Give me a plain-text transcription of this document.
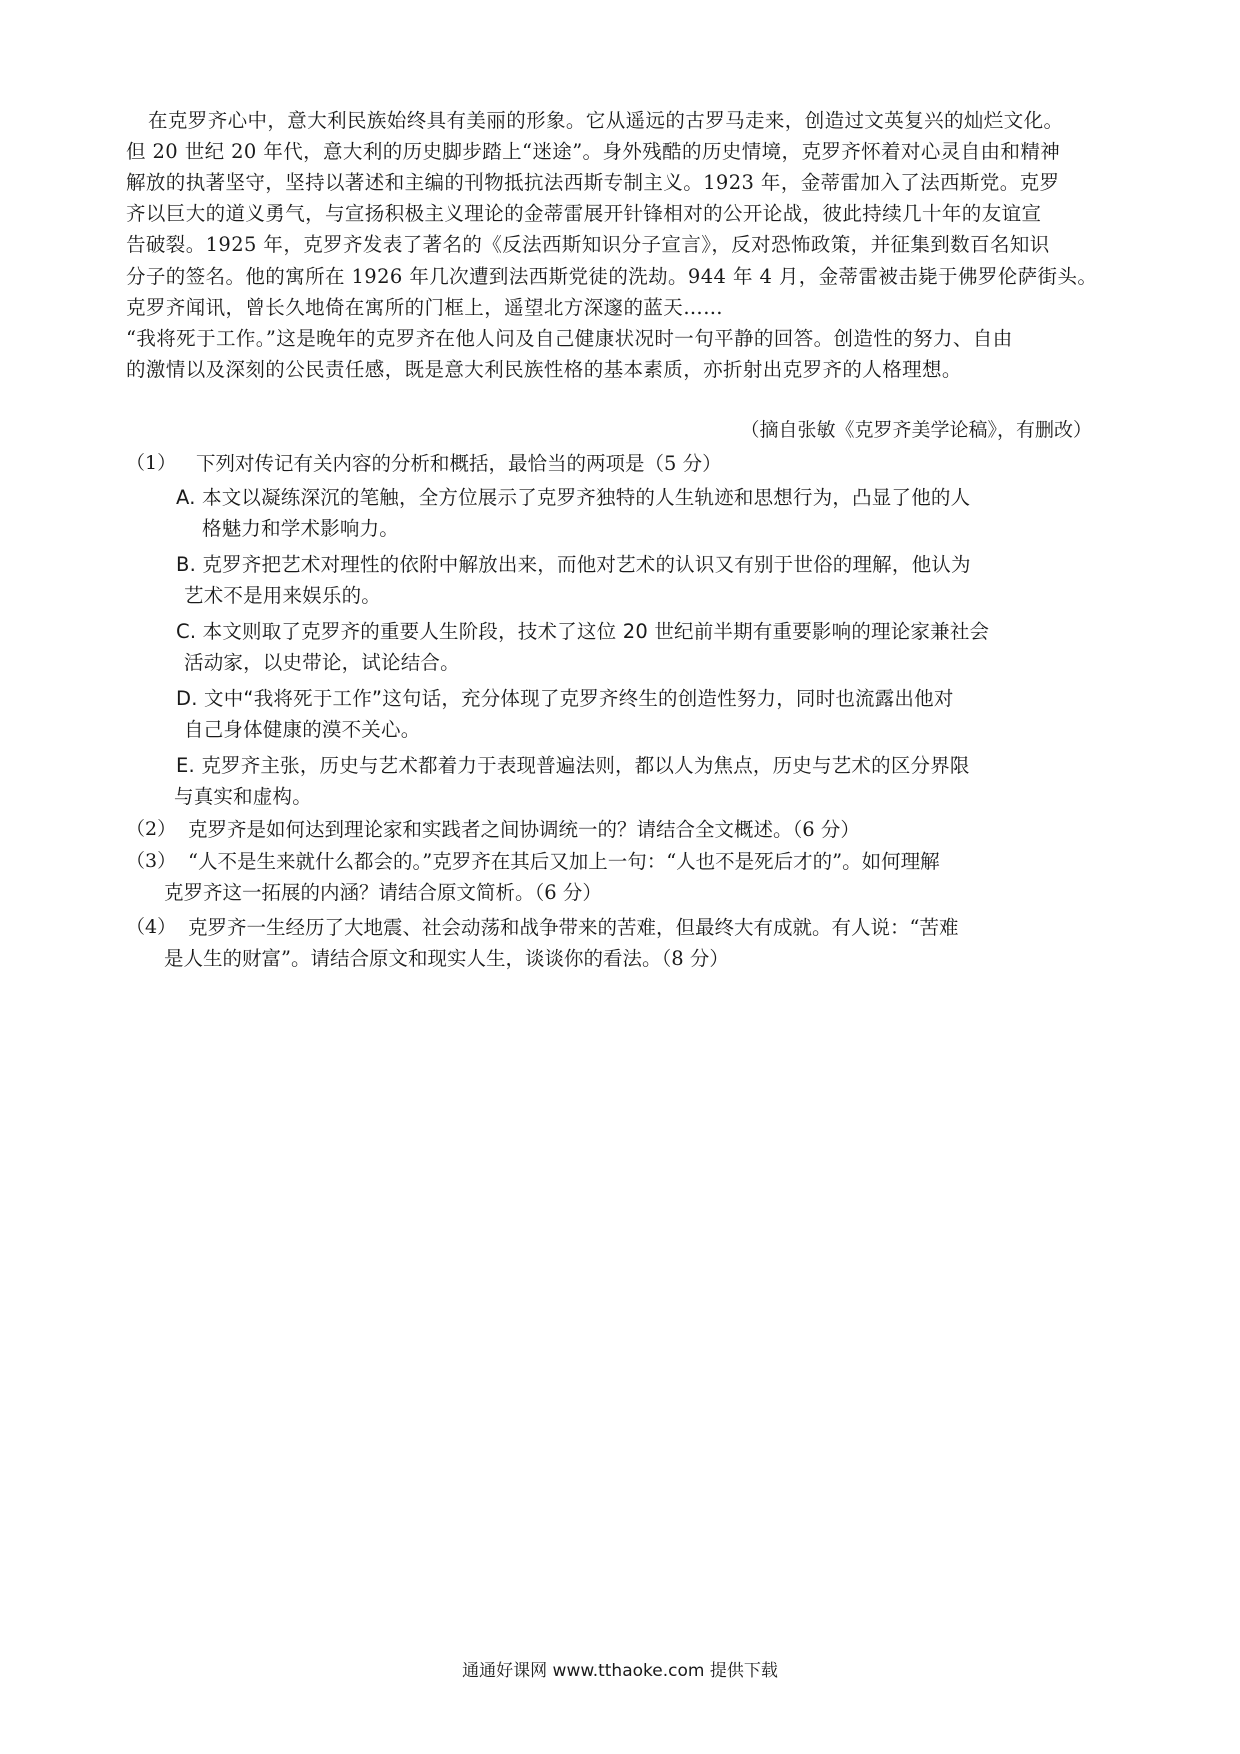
在克罗齐心中，意大利民族始终具有美丽的形象。它从遥远的古罗马走来，创造过文英复兴的灿烂文化。
但 20 世纪 20 年代，意大利的历史脚步踏上“迷途”。身外残酷的历史情境，克罗齐怀着对心灵自由和精神
解放的执著坚守，坚持以著述和主编的刊物抵抗法西斯专制主义。1923 年，金蒂雷加入了法西斯党。克罗
齐以巨大的道义勇气，与宣扬积极主义理论的金蒂雷展开针锋相对的公开论战，彼此持续几十年的友谊宣
告破裂。1925 年，克罗齐发表了著名的《反法西斯知识分子宣言》，反对恐怖政策，并征集到数百名知识
分子的签名。他的寓所在 1926 年几次遭到法西斯党徒的洗劫。944 年 4 月，金蒂雷被击毙于佛罗伦萨街头。
克罗齐闻讯，曾长久地倚在寓所的门框上，遥望北方深邃的蓝天……
“我将死于工作。”这是晚年的克罗齐在他人问及自己健康状况时一句平静的回答。创造性的努力、自由
的激情以及深刻的公民责任感，既是意大利民族性格的基本素质，亦折射出克罗齐的人格理想。
（摘自张敏《克罗齐美学论稿》，有删改）
（1） 下列对传记有关内容的分析和概括，最恰当的两项是（5 分）
A. 本文以凝练深沉的笔触，全方位展示了克罗齐独特的人生轨迹和思想行为，凸显了他的人
格魅力和学术影响力。
B. 克罗齐把艺术对理性的依附中解放出来，而他对艺术的认识又有别于世俗的理解，他认为
艺术不是用来娱乐的。
C. 本文则取了克罗齐的重要人生阶段，技术了这位 20 世纪前半期有重要影响的理论家兼社会
活动家，以史带论，试论结合。
D. 文中“我将死于工作”这句话，充分体现了克罗齐终生的创造性努力，同时也流露出他对
自己身体健康的漠不关心。
E. 克罗齐主张，历史与艺术都着力于表现普遍法则，都以人为焦点，历史与艺术的区分界限
与真实和虚构。
（2） 克罗齐是如何达到理论家和实践者之间协调统一的？请结合全文概述。（6 分）
（3） “人不是生来就什么都会的。”克罗齐在其后又加上一句：“人也不是死后才的”。如何理解
克罗齐这一拓展的内涵？请结合原文简析。（6 分）
（4） 克罗齐一生经历了大地震、社会动荡和战争带来的苦难，但最终大有成就。有人说：“苦难
是人生的财富”。请结合原文和现实人生，谈谈你的看法。（8 分）
通通好课网 www.tthaoke.com 提供下载
